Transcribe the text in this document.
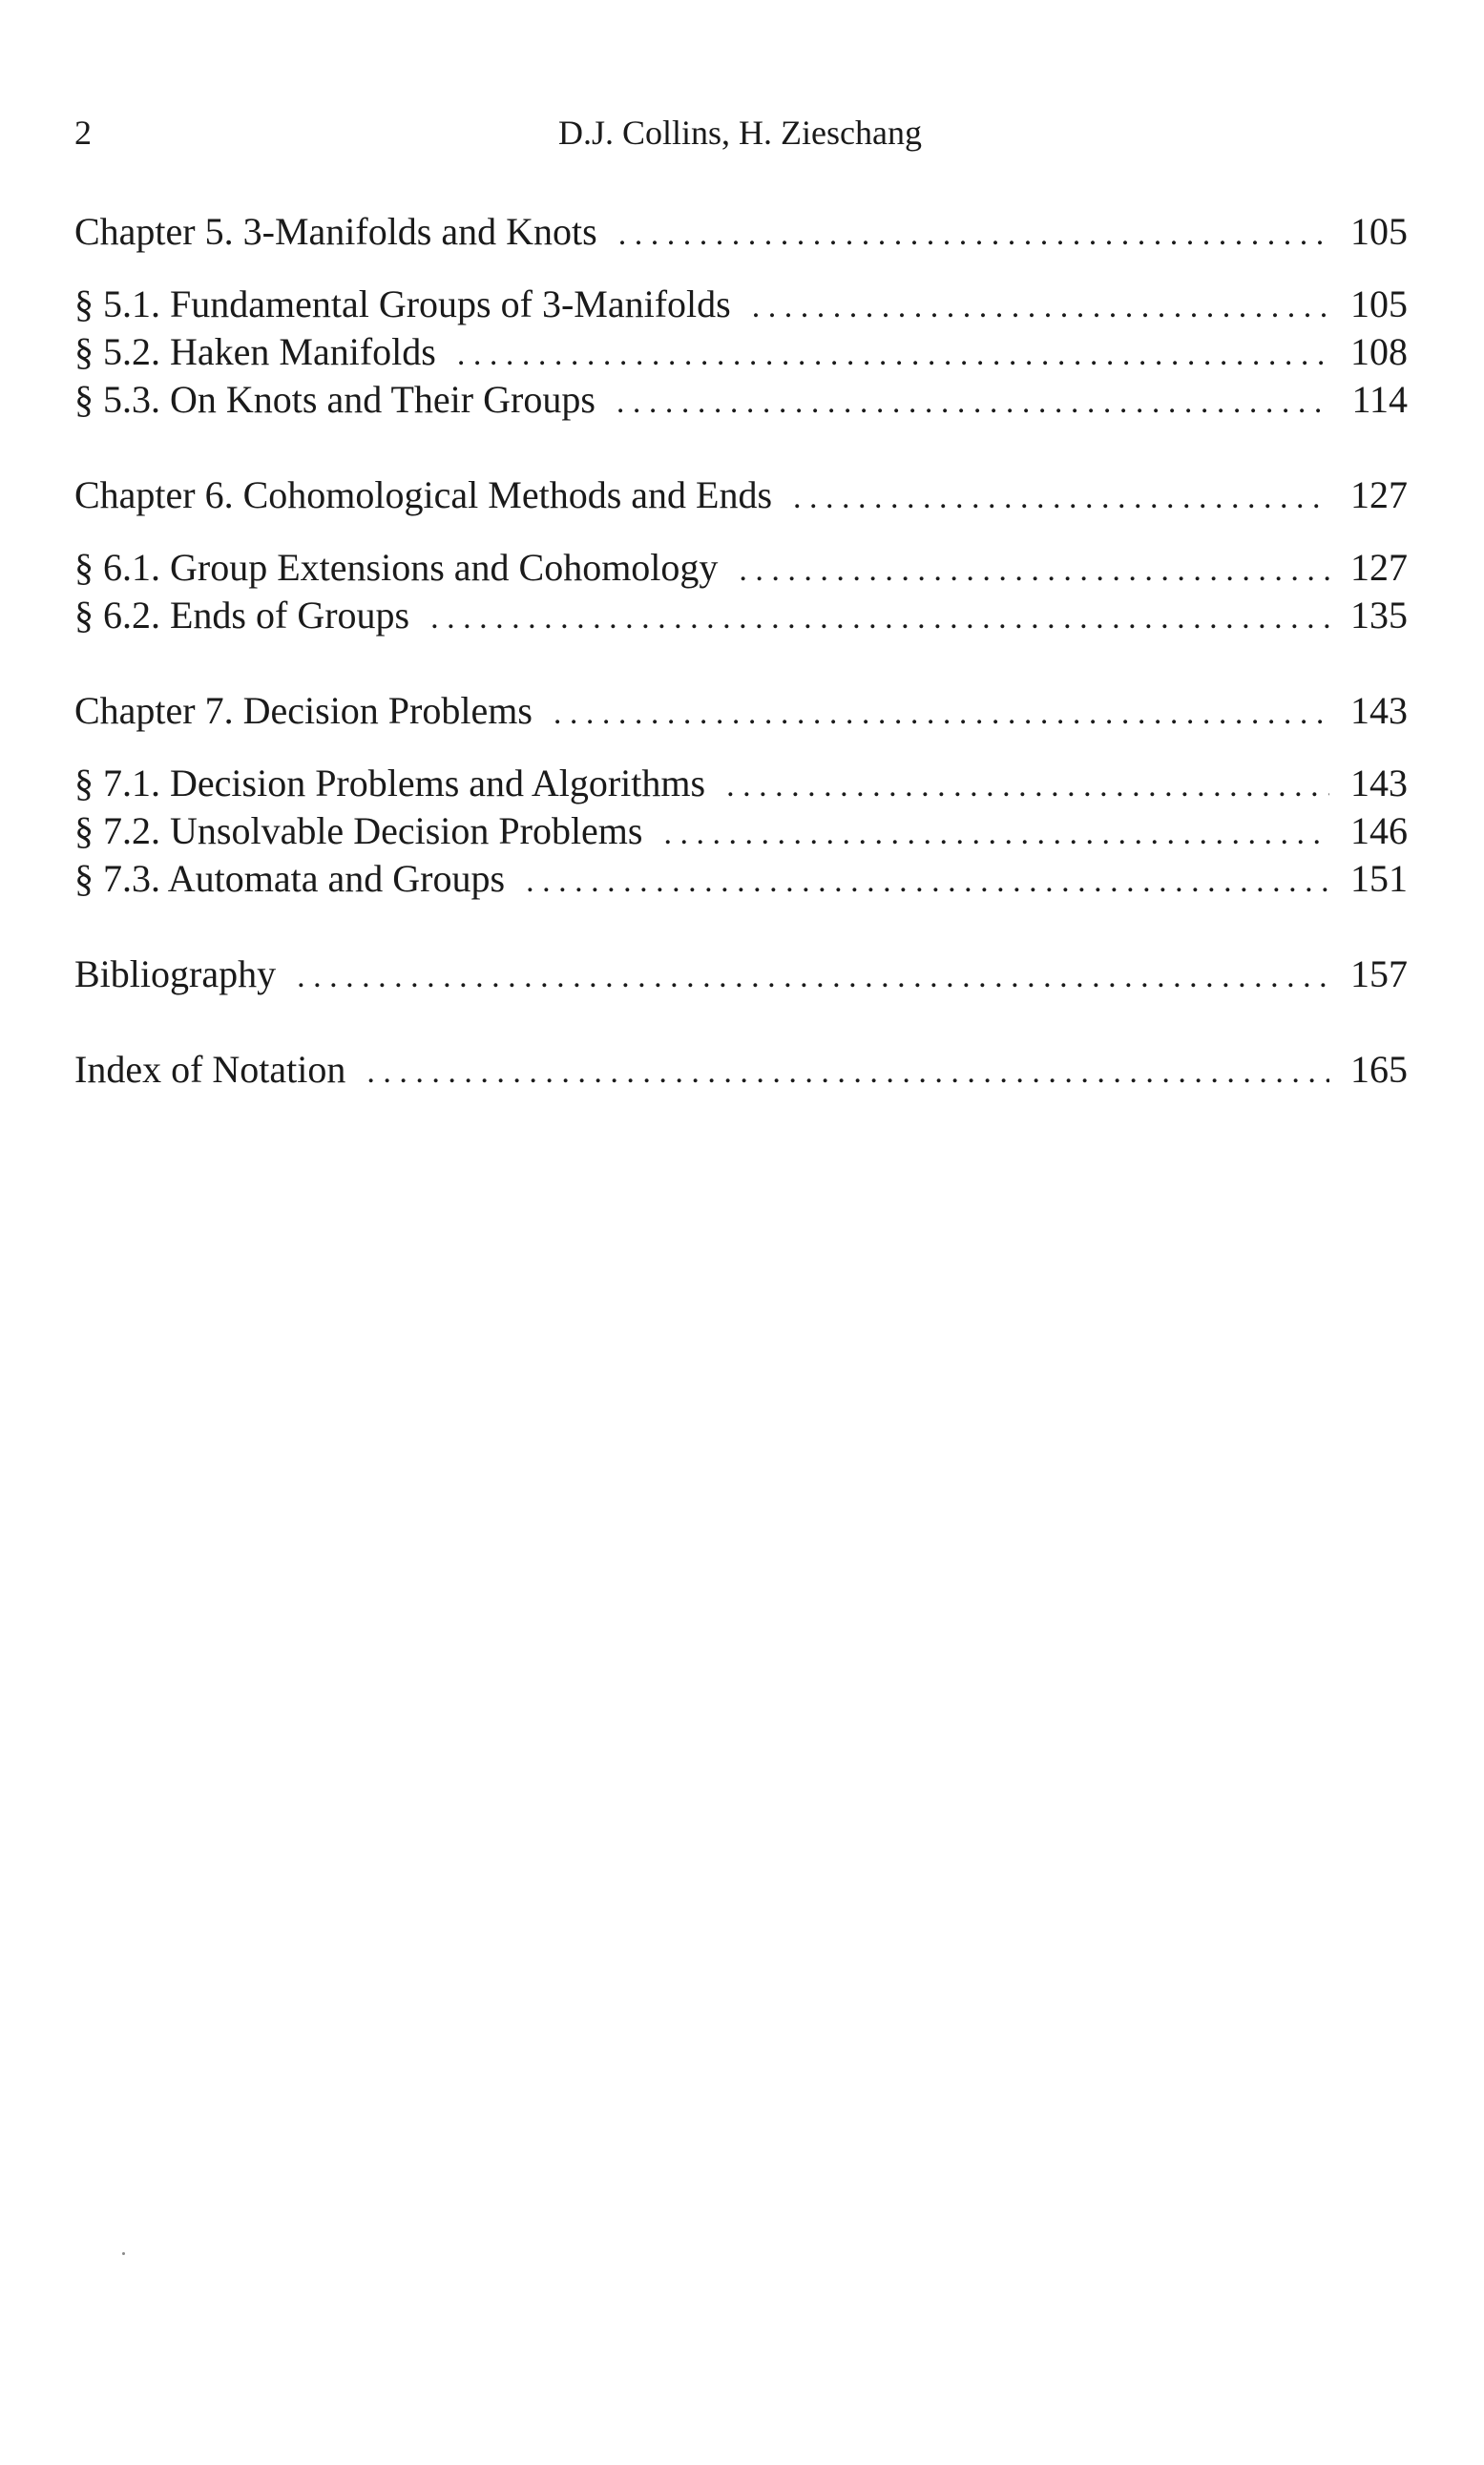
2	D.J. Collins, H. Zieschang
Chapter 5. 3-Manifolds and Knots . . .	105
§ 5.1. Fundamental Groups of 3-Manifolds . . .	105
§ 5.2. Haken Manifolds . . .	108
§ 5.3. On Knots and Their Groups . . .	114
Chapter 6. Cohomological Methods and Ends . . .	127
§ 6.1. Group Extensions and Cohomology . . .	127
§ 6.2. Ends of Groups . . .	135
Chapter 7. Decision Problems . . .	143
§ 7.1. Decision Problems and Algorithms . . .	143
§ 7.2. Unsolvable Decision Problems . . .	146
§ 7.3. Automata and Groups . . .	151
Bibliography . . .	157
Index of Notation . . .	165
